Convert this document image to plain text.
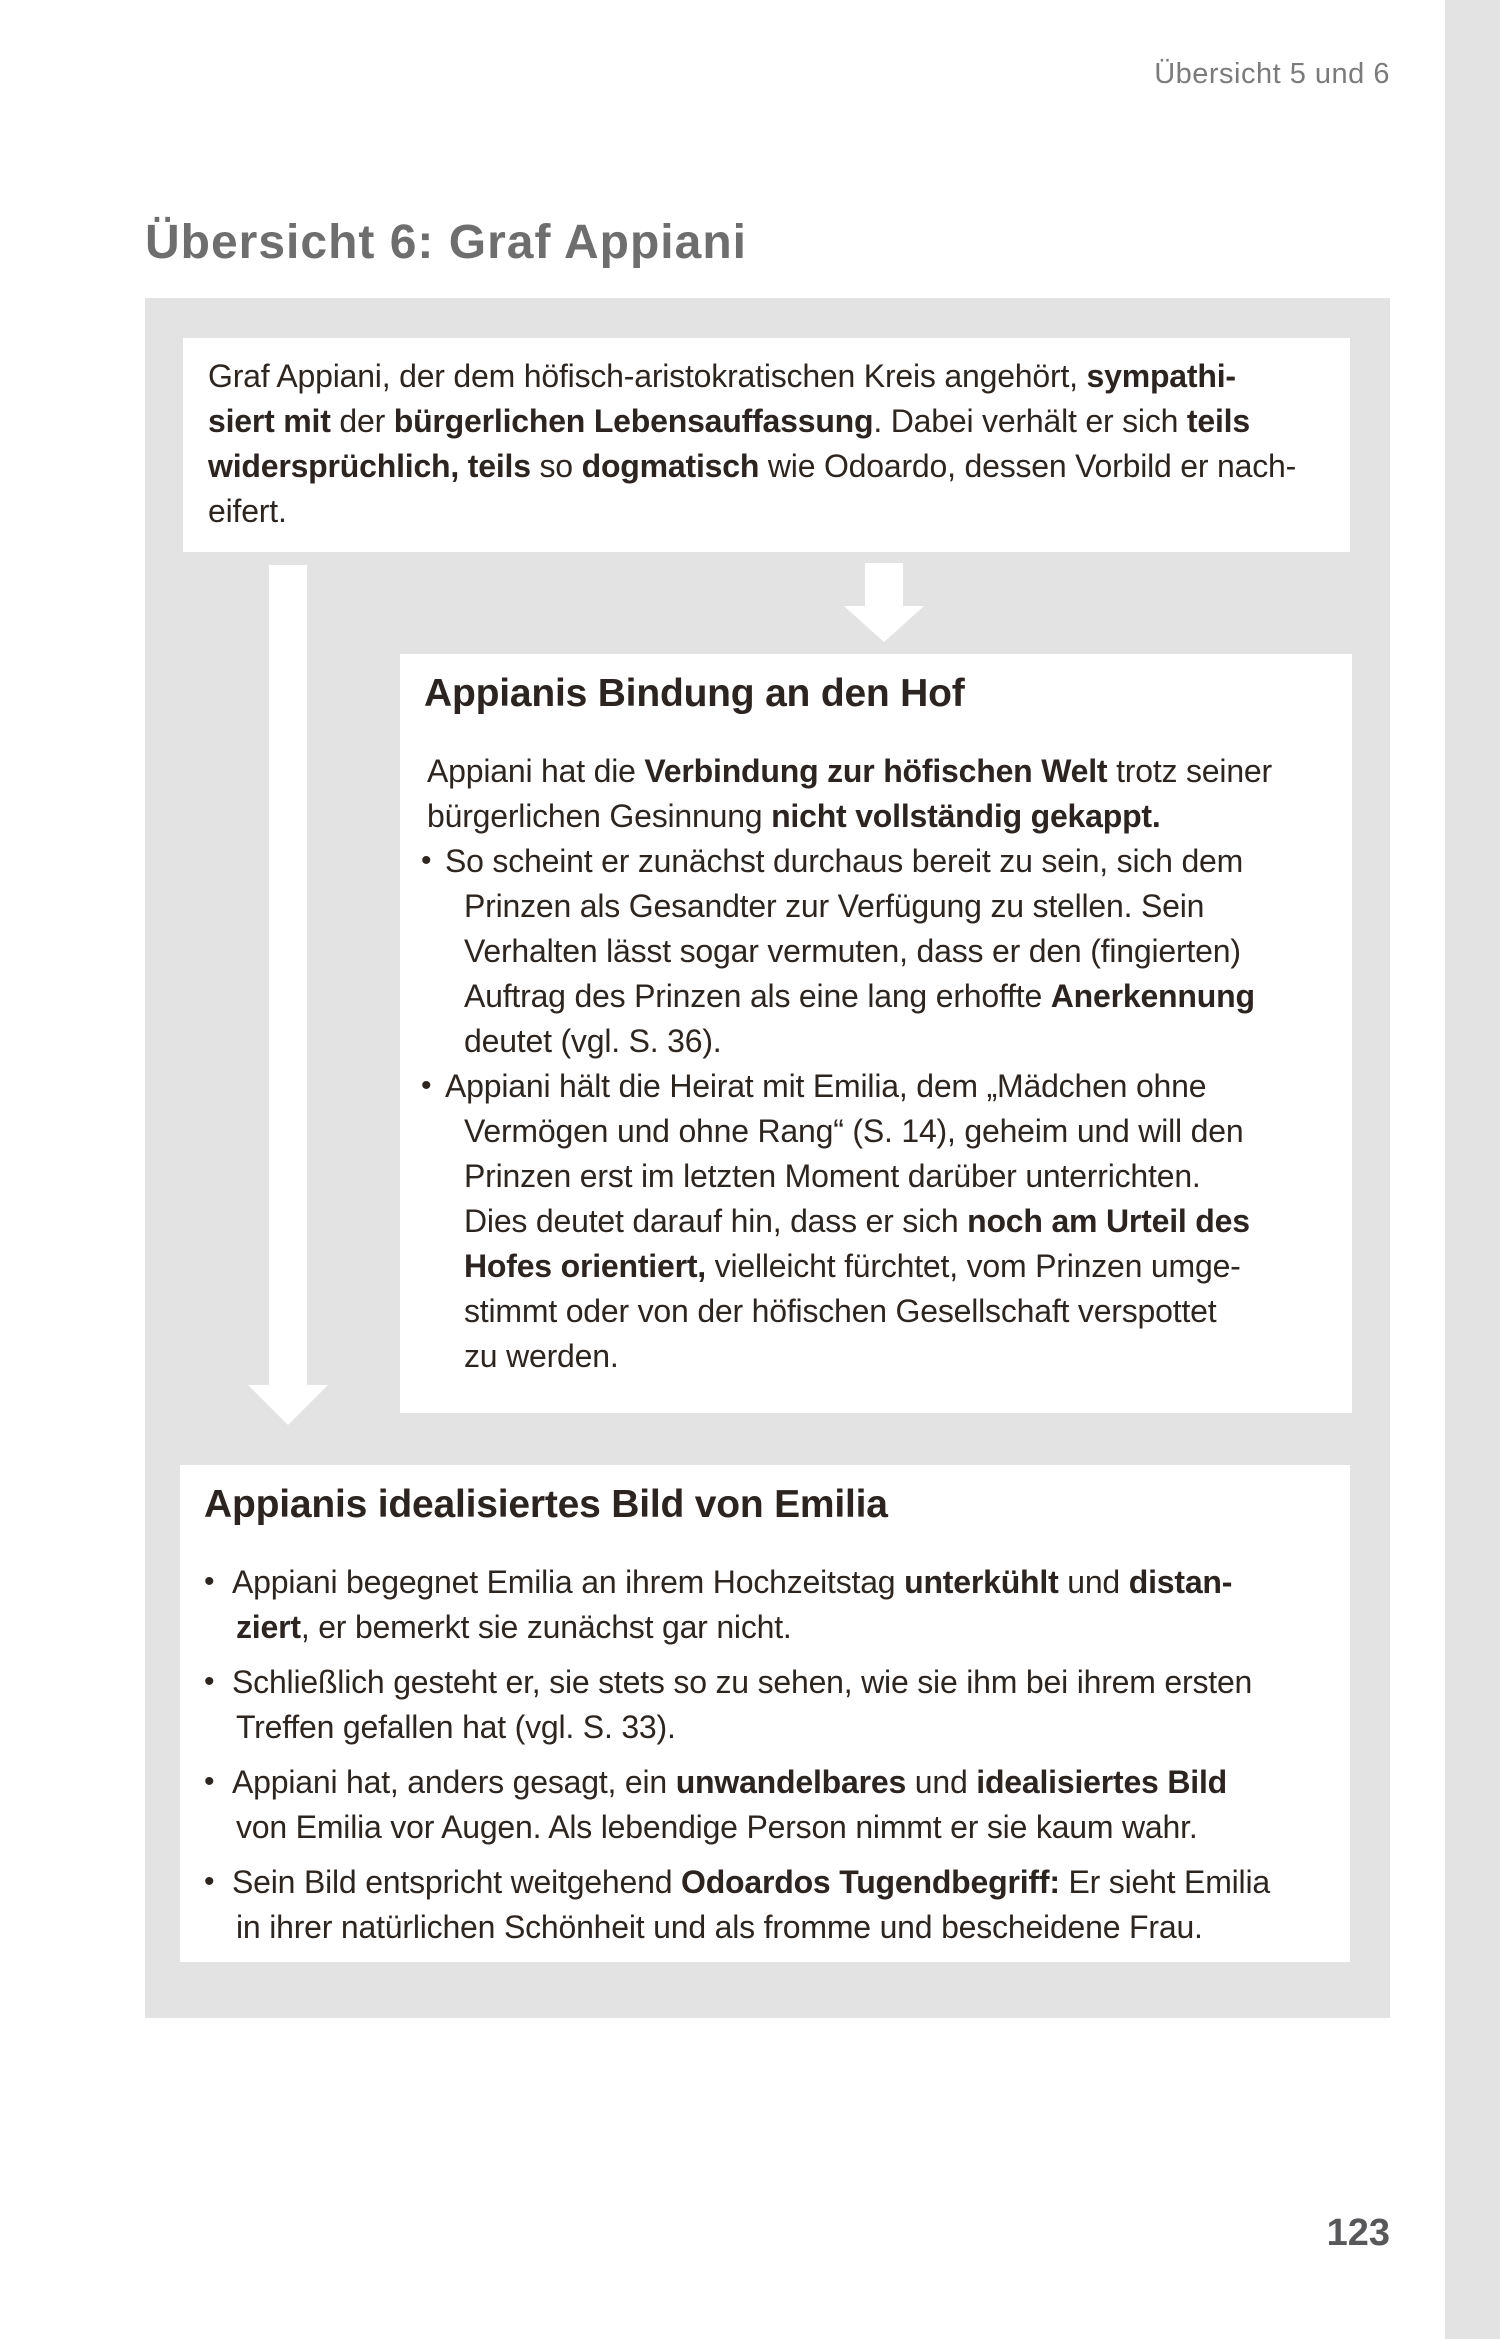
Übersicht 5 und 6
Übersicht 6: Graf Appiani
Graf Appiani, der dem höfisch-aristokratischen Kreis angehört, sympathi-
siert mit der bürgerlichen Lebensauffassung. Dabei verhält er sich teils
widersprüchlich, teils so dogmatisch wie Odoardo, dessen Vorbild er nach-
eifert.
Appianis Bindung an den Hof
Appiani hat die Verbindung zur höfischen Welt trotz seiner
bürgerlichen Gesinnung nicht vollständig gekappt.
• So scheint er zunächst durchaus bereit zu sein, sich dem
Prinzen als Gesandter zur Verfügung zu stellen. Sein
Verhalten lässt sogar vermuten, dass er den (fingierten)
Auftrag des Prinzen als eine lang erhoffte Anerkennung
deutet (vgl. S. 36).
• Appiani hält die Heirat mit Emilia, dem „Mädchen ohne
Vermögen und ohne Rang“ (S. 14), geheim und will den
Prinzen erst im letzten Moment darüber unterrichten.
Dies deutet darauf hin, dass er sich noch am Urteil des
Hofes orientiert, vielleicht fürchtet, vom Prinzen umge-
stimmt oder von der höfischen Gesellschaft verspottet
zu werden.
Appianis idealisiertes Bild von Emilia
• Appiani begegnet Emilia an ihrem Hochzeitstag unterkühlt und distan-
ziert, er bemerkt sie zunächst gar nicht.
• Schließlich gesteht er, sie stets so zu sehen, wie sie ihm bei ihrem ersten
Treffen gefallen hat (vgl. S. 33).
• Appiani hat, anders gesagt, ein unwandelbares und idealisiertes Bild
von Emilia vor Augen. Als lebendige Person nimmt er sie kaum wahr.
• Sein Bild entspricht weitgehend Odoardos Tugendbegriff: Er sieht Emilia
in ihrer natürlichen Schönheit und als fromme und bescheidene Frau.
123
